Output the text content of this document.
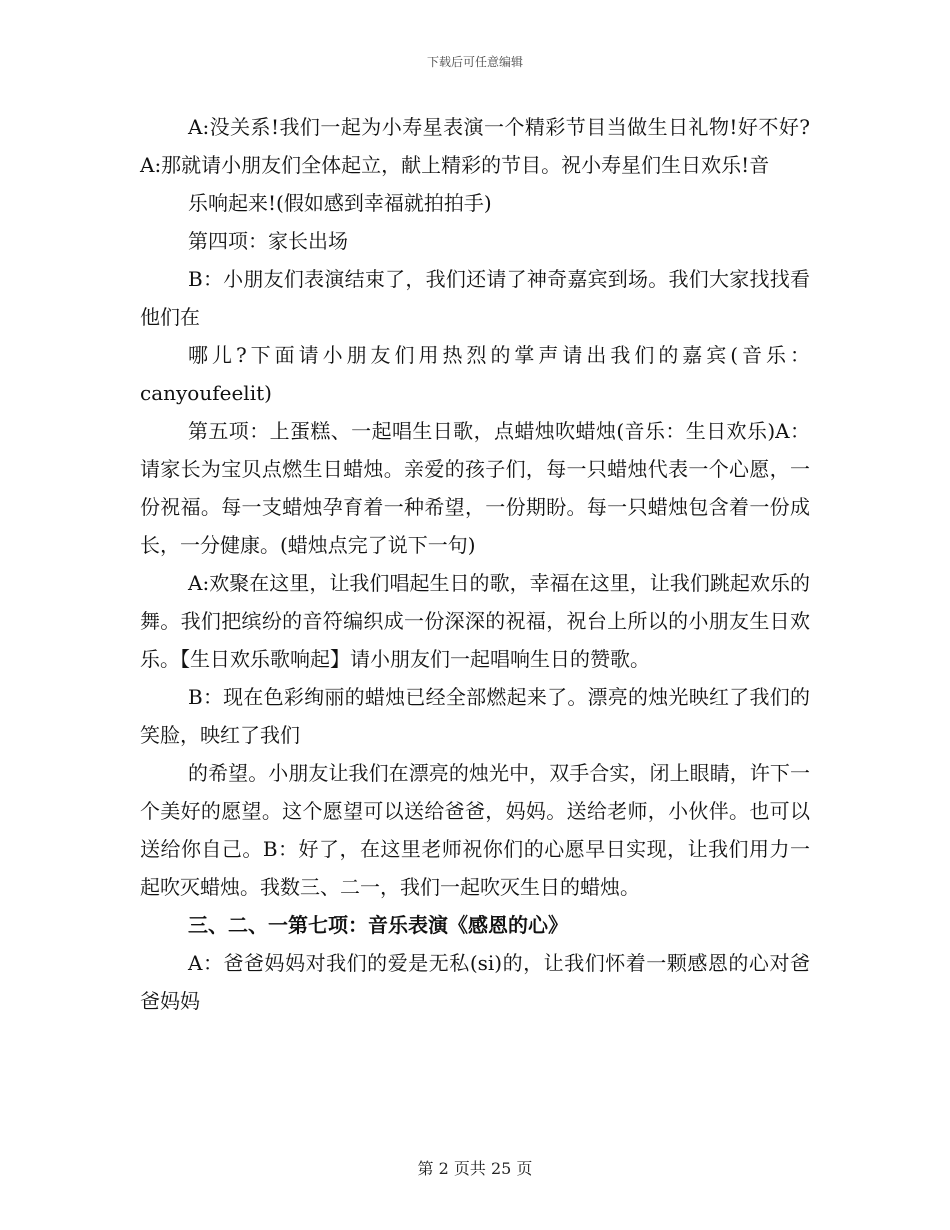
下载后可任意编辑

A:没关系!我们一起为小寿星表演一个精彩节目当做生日礼物!好不好?A:那就请小朋友们全体起立，献上精彩的节目。祝小寿星们生日欢乐!音

乐响起来!(假如感到幸福就拍拍手)

第四项：家长出场

B：小朋友们表演结束了，我们还请了神奇嘉宾到场。我们大家找找看他们在

哪儿?下面请小朋友们用热烈的掌声请出我们的嘉宾(音乐：canyoufeelit)

第五项：上蛋糕、一起唱生日歌，点蜡烛吹蜡烛(音乐：生日欢乐)A：请家长为宝贝点燃生日蜡烛。亲爱的孩子们，每一只蜡烛代表一个心愿，一份祝福。每一支蜡烛孕育着一种希望，一份期盼。每一只蜡烛包含着一份成长，一分健康。(蜡烛点完了说下一句)

A:欢聚在这里，让我们唱起生日的歌，幸福在这里，让我们跳起欢乐的舞。我们把缤纷的音符编织成一份深深的祝福，祝台上所以的小朋友生日欢乐。【生日欢乐歌响起】请小朋友们一起唱响生日的赞歌。

B：现在色彩绚丽的蜡烛已经全部燃起来了。漂亮的烛光映红了我们的笑脸，映红了我们

的希望。小朋友让我们在漂亮的烛光中，双手合实，闭上眼睛，许下一个美好的愿望。这个愿望可以送给爸爸，妈妈。送给老师，小伙伴。也可以送给你自己。B：好了，在这里老师祝你们的心愿早日实现，让我们用力一起吹灭蜡烛。我数三、二一，我们一起吹灭生日的蜡烛。

三、二、一第七项：音乐表演《感恩的心》

A：爸爸妈妈对我们的爱是无私(si)的，让我们怀着一颗感恩的心对爸爸妈妈

第 2 页共 25 页
